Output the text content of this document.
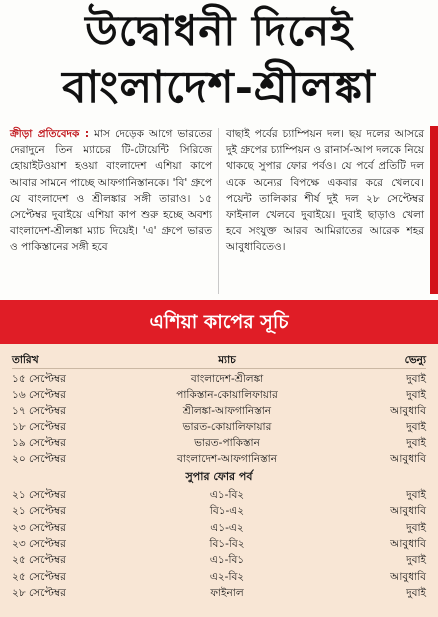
উদ্বোধনী দিনেই
বাংলাদেশ-শ্রীলঙ্কা
ক্রীড়া প্রতিবেদক : মাস দেড়েক আগে ভারতের দেরাদুনে তিন ম্যাচের টি-টোয়েন্টি সিরিজে হোয়াইটওয়াশ হওয়া বাংলাদেশ এশিয়া কাপে আবার সামনে পাচ্ছে আফগানিস্তানকে। 'বি' গ্রুপে যে বাংলাদেশ ও শ্রীলঙ্কার সঙ্গী তারাও। ১৫ সেপ্টেম্বর দুবাইয়ে এশিয়া কাপ শুরু হচ্ছে অবশ্য বাংলাদেশ-শ্রীলঙ্কা ম্যাচ দিয়েই। 'এ' গ্রুপে ভারত ও পাকিস্তানের সঙ্গী হবে
বাছাই পর্বের চ্যাম্পিয়ন দল। ছয় দলের আসরে দুই গ্রুপের চ্যাম্পিয়ন ও রানার্স-আপ দলকে নিয়ে থাকছে সুপার ফোর পর্বও। যে পর্বে প্রতিটি দল একে অন্যের বিপক্ষে একবার করে খেলবে। পয়েন্ট তালিকার শীর্ষ দুই দল ২৮ সেপ্টেম্বর ফাইনাল খেলবে দুবাইয়ে। দুবাই ছাড়াও খেলা হবে সংযুক্ত আরব আমিরাতের আরেক শহর আবুধাবিতেও।
এশিয়া কাপের সূচি
তারিখ	ম্যাচ	ভেন্যু
১৫ সেপ্টেম্বর	বাংলাদেশ-শ্রীলঙ্কা	দুবাই
১৬ সেপ্টেম্বর	পাকিস্তান-কোয়ালিফায়ার	দুবাই
১৭ সেপ্টেম্বর	শ্রীলঙ্কা-আফগানিস্তান	আবুধাবি
১৮ সেপ্টেম্বর	ভারত-কোয়ালিফায়ার	দুবাই
১৯ সেপ্টেম্বর	ভারত-পাকিস্তান	দুবাই
২০ সেপ্টেম্বর	বাংলাদেশ-আফগানিস্তান	আবুধাবি
সুপার ফোর পর্ব
২১ সেপ্টেম্বর	এ১-বি২	দুবাই
২১ সেপ্টেম্বর	বি১-এ২	আবুধাবি
২৩ সেপ্টেম্বর	এ১-এ২	দুবাই
২৩ সেপ্টেম্বর	বি১-বি২	আবুধাবি
২৫ সেপ্টেম্বর	এ১-বি১	দুবাই
২৫ সেপ্টেম্বর	এ২-বি২	আবুধাবি
২৮ সেপ্টেম্বর	ফাইনাল	দুবাই
